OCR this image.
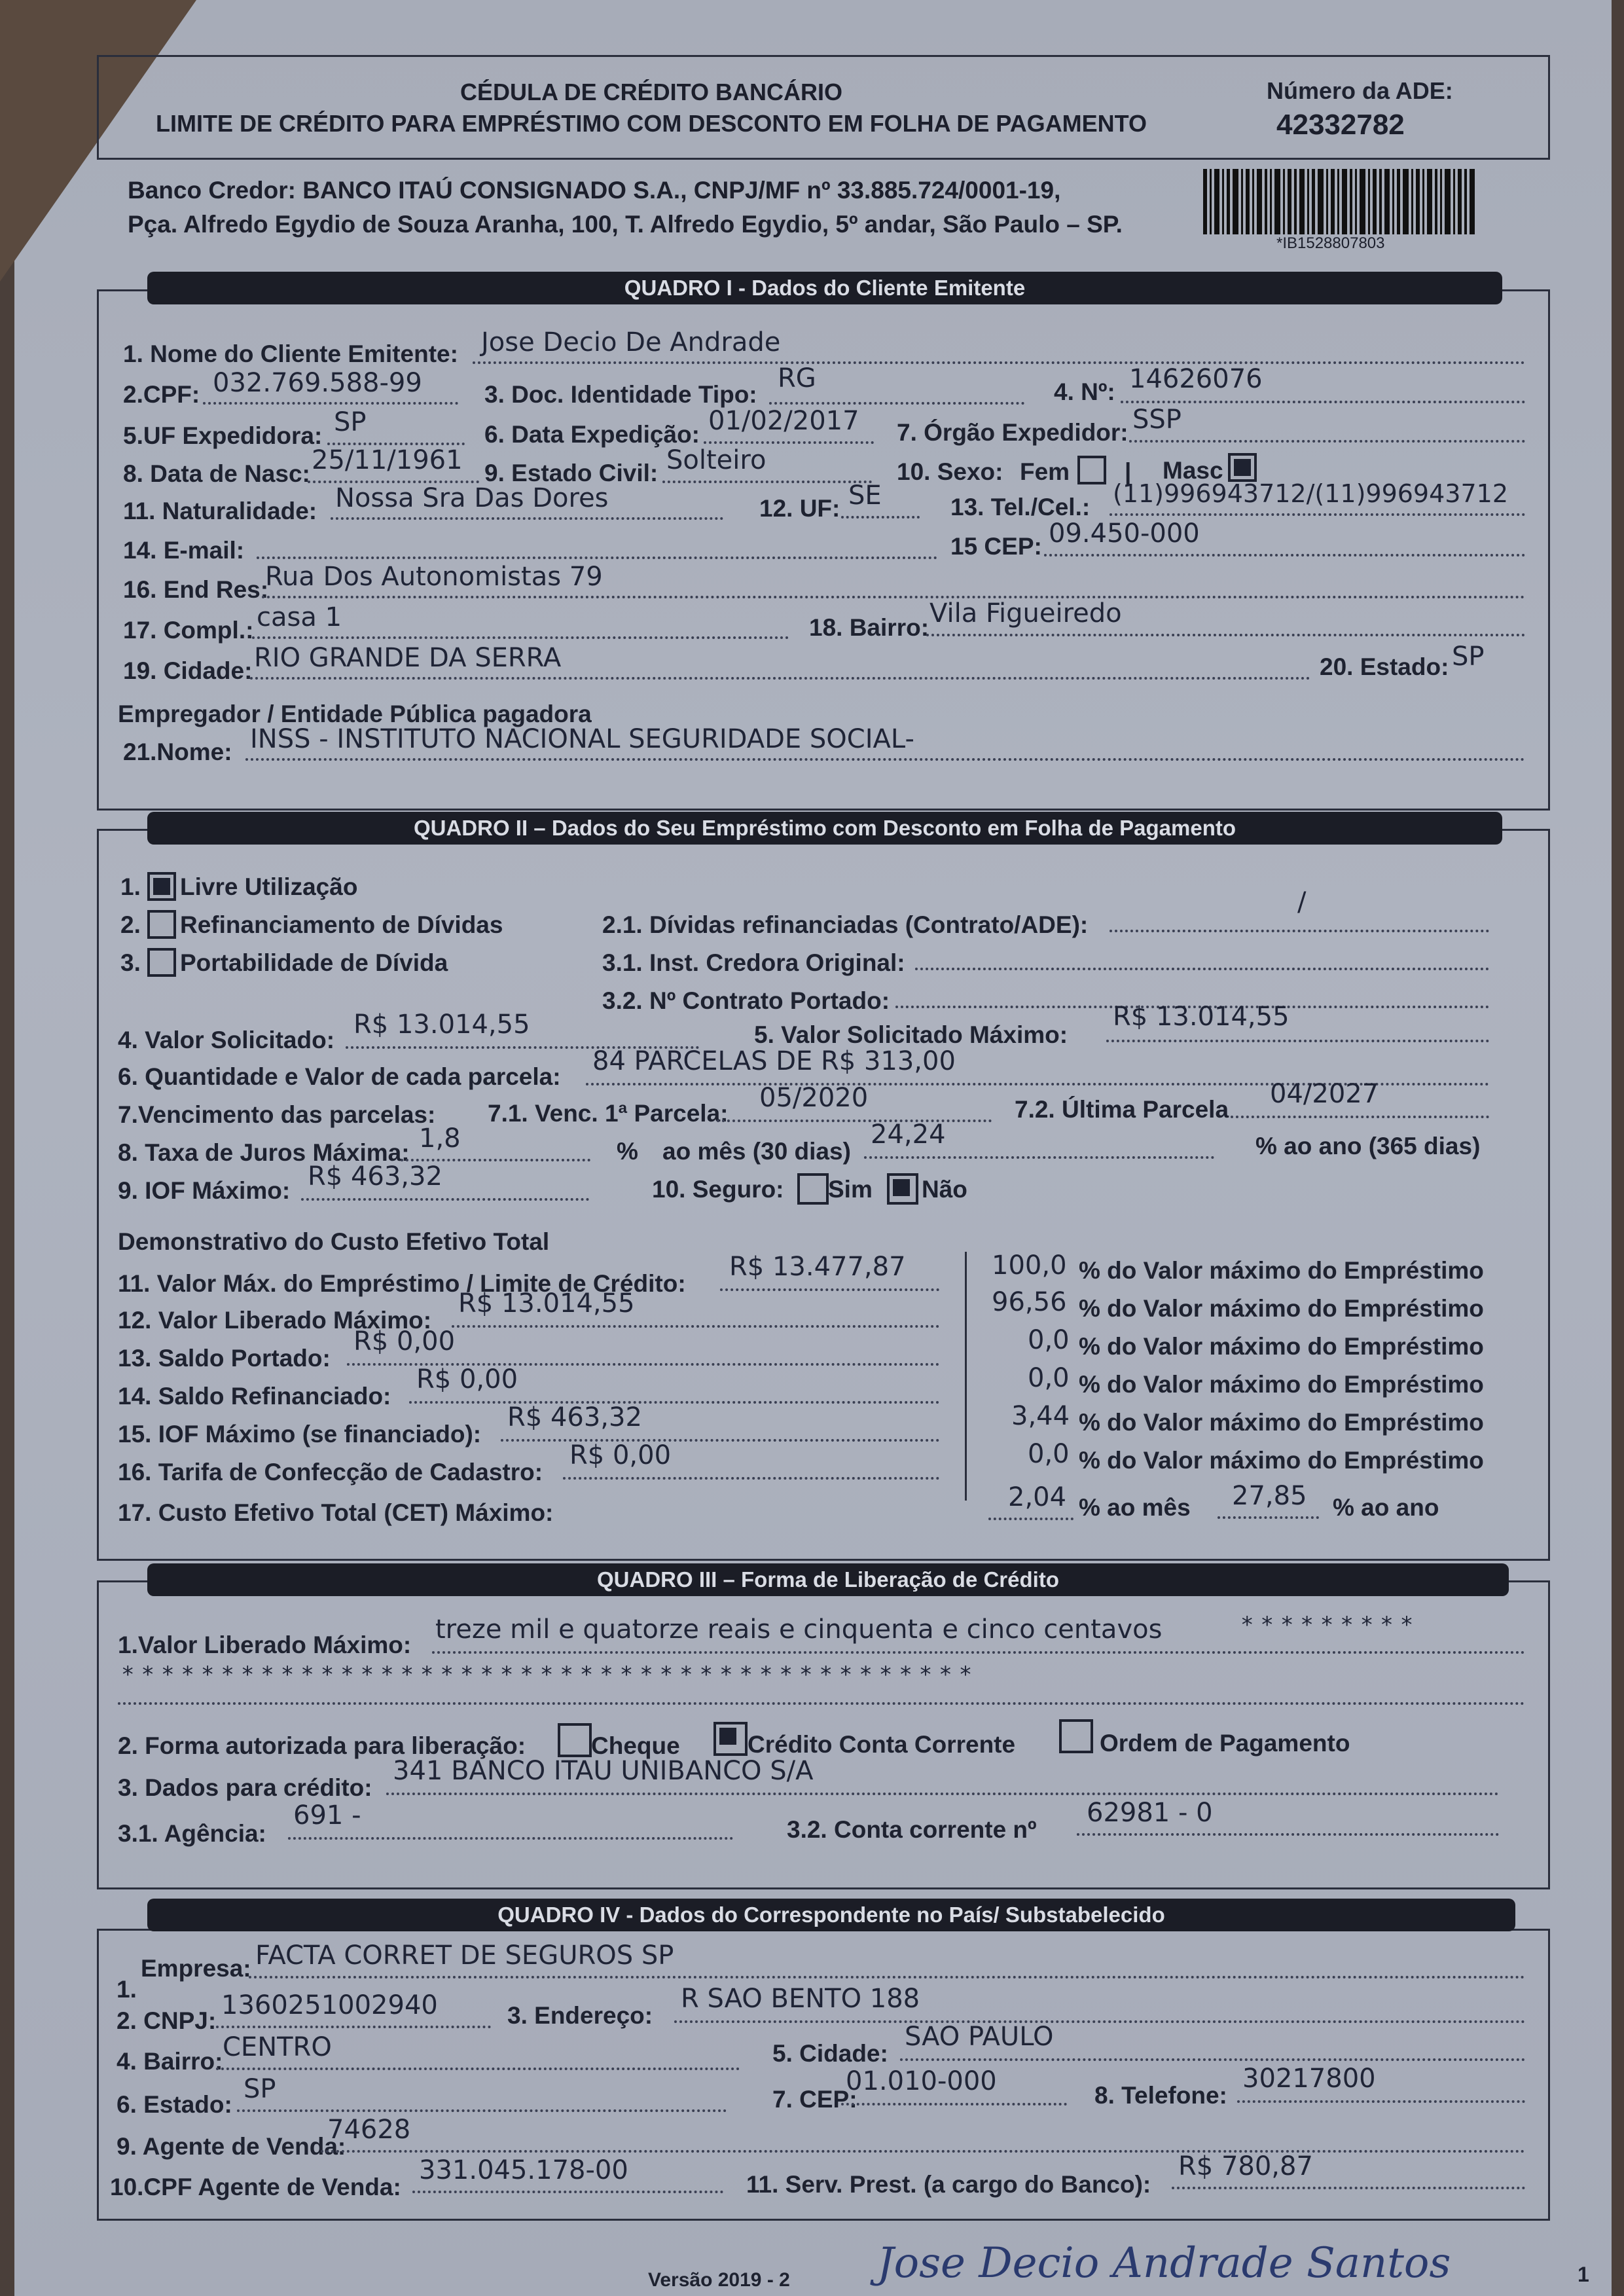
CÉDULA DE CRÉDITO BANCÁRIO
LIMITE DE CRÉDITO PARA EMPRÉSTIMO COM DESCONTO EM FOLHA DE PAGAMENTO
Número da ADE:
42332782
Banco Credor: BANCO ITAÚ CONSIGNADO S.A., CNPJ/MF nº 33.885.724/0001-19,
Pça. Alfredo Egydio de Souza Aranha, 100, T. Alfredo Egydio, 5º andar, São Paulo – SP.
*IB1528807803
QUADRO I - Dados do Cliente Emitente
1. Nome do Cliente Emitente: Jose Decio De Andrade
2.CPF: 032.769.588-99	3. Doc. Identidade Tipo:
RG	4. Nº: 14626076
5.UF Expedidora: SP	6. Data Expedição: 01/02/2017 7. Órgão Expedidor: SSP
8. Data de Nasc: 25/11/1961 9. Estado Civil: Solteiro	10. Sexo: Fem | Masc
11. Naturalidade: Nossa Sra Das Dores	12. UF: SE	13. Tel./Cel.: (11)996943712/(11)996943712
14. E-mail:	15 CEP: 09.450-000
16. End Res:
Rua Dos Autonomistas 79
17. Compl.: casa 1	18. Bairro: Vila Figueiredo
19. Cidade: RIO GRANDE DA SERRA	20. Estado: SP
Empregador / Entidade Pública pagadora
21.Nome: INSS - INSTITUTO NACIONAL SEGURIDADE SOCIAL-
QUADRO II – Dados do Seu Empréstimo com Desconto em Folha de Pagamento
1. Livre Utilização
2. Refinanciamento de Dívidas
3. Portabilidade de Dívida
2.1. Dívidas refinanciadas (Contrato/ADE):
/
3.1. Inst. Credora Original:
3.2. Nº Contrato Portado:
4. Valor Solicitado:
R$ 13.014,55	5. Valor Solicitado Máximo:
R$ 13.014,55
6. Quantidade e Valor de cada parcela:
84 PARCELAS DE R$ 313,00
7.Vencimento das parcelas: 7.1. Venc. 1ª Parcela:
05/2020	7.2. Última Parcela
04/2027
8. Taxa de Juros Máxima: 1,8	% ao mês (30 dias)
24,24	% ao ano (365 dias)
9. IOF Máximo: R$ 463,32	10. Seguro: Sim Não
Demonstrativo do Custo Efetivo Total
11. Valor Máx. do Empréstimo / Limite de Crédito:
R$ 13.477,87	100,0 % do Valor máximo do Empréstimo
12. Valor Liberado Máximo:
R$ 13.014,55	96,56 % do Valor máximo do Empréstimo
13. Saldo Portado:
R$ 0,00	0,0 % do Valor máximo do Empréstimo
14. Saldo Refinanciado:
R$ 0,00	0,0 % do Valor máximo do Empréstimo
15. IOF Máximo (se financiado):
R$ 463,32	3,44 % do Valor máximo do Empréstimo
16. Tarifa de Confecção de Cadastro:
R$ 0,00	0,0 % do Valor máximo do Empréstimo
17. Custo Efetivo Total (CET) Máximo:
2,04 % ao mês 27,85 % ao ano
QUADRO III – Forma de Liberação de Crédito
1.Valor Liberado Máximo:
treze mil e quatorze reais e cinquenta e cinco centavos	*********
*******************************************
2. Forma autorizada para liberação:	Cheque	Crédito Conta Corrente	Ordem de Pagamento
3. Dados para crédito:
341 BANCO ITAU UNIBANCO S/A
3.1. Agência:
691 -	3.2. Conta corrente nº
62981 - 0
QUADRO IV - Dados do Correspondente no País/ Substabelecido
1.
Empresa: FACTA CORRET DE SEGUROS SP
2. CNPJ:
1360251002940	3. Endereço:
R SAO BENTO 188
4. Bairro: CENTRO	5. Cidade:
SAO PAULO
6. Estado:
SP	7. CEP:
01.010-000	8. Telefone:
30217800
9. Agente de Venda:
74628
10.CPF Agente de Venda:
331.045.178-00	11. Serv. Prest. (a cargo do Banco):
R$ 780,87
Versão 2019 - 2 Jose Decio Andrade Santos	1
